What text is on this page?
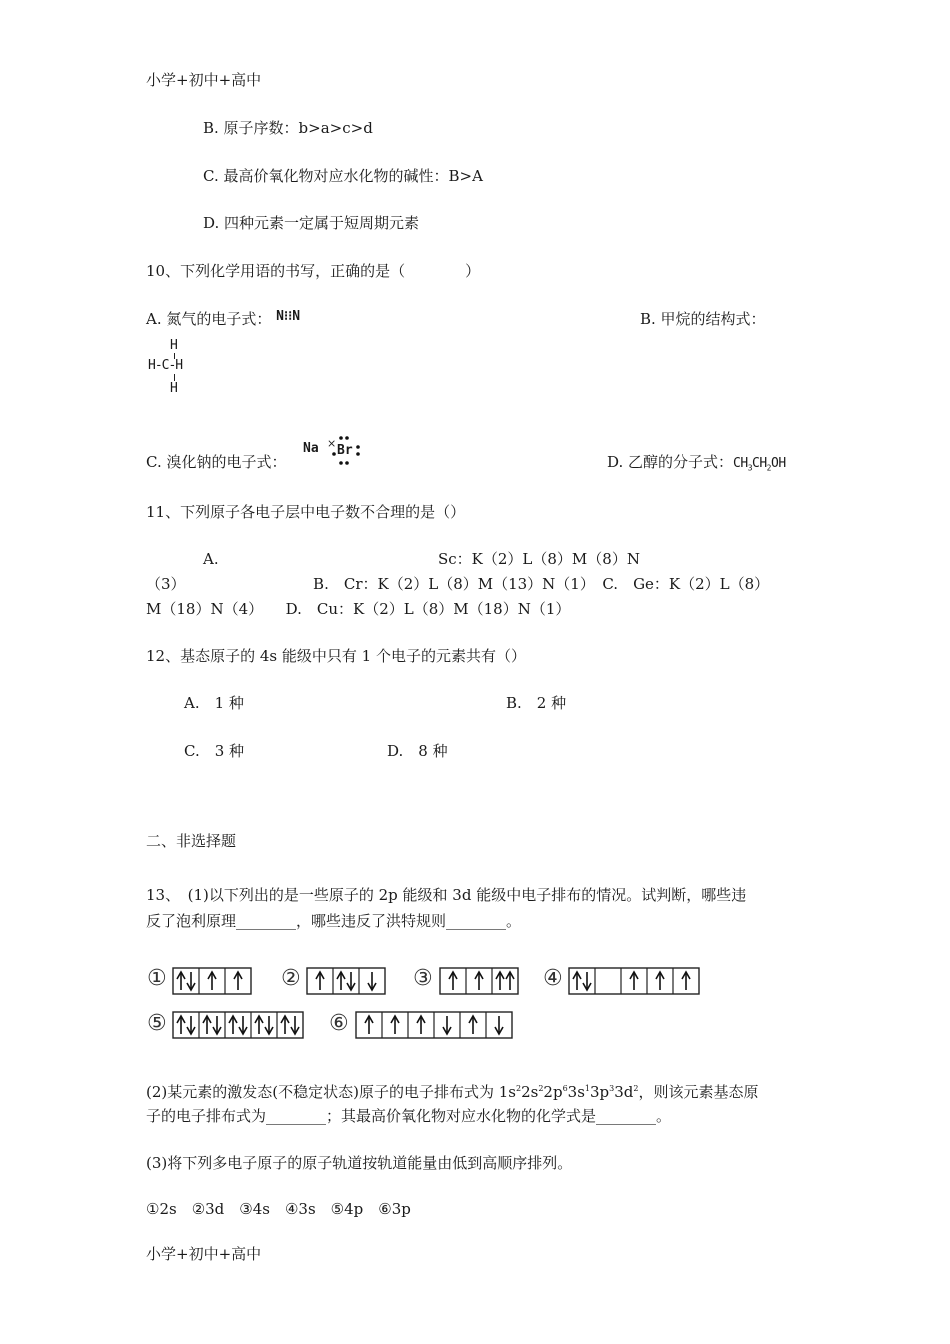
小学+初中+高中
B. 原子序数：b>a>c>d
C. 最高价氧化物对应水化物的碱性：B>A
D. 四种元素一定属于短周期元素
10、下列化学用语的书写，正确的是（　　　　）
A. 氮气的电子式： N⁝⁝N	B. 甲烷的结构式：
H
H-C-H
H
C. 溴化钠的电子式：
Na × Br
D. 乙醇的分子式：$CH_3CH_2OH$
11、下列原子各电子层中电子数不合理的是（）
A.	Sc：K（2）L（8）M（8）N
（3）　　　　　　　　　B.　Cr：K（2）L（8）M（13）N（1）　C.　Ge：K（2）L（8）
M（18）N（4）　　D.　Cu：K（2）L（8）M（18）N（1）
12、基态原子的 4s 能级中只有 1 个电子的元素共有（）
A.　1 种	B.　2 种
C.　3 种	D.　8 种
二、非选择题
13、　(1)以下列出的是一些原子的 2p 能级和 3d 能级中电子排布的情况。试判断，哪些违
反了泡利原理________，哪些违反了洪特规则________。
①	②	③	④
⑤	⑥
(2)某元素的激发态(不稳定状态)原子的电子排布式为 $1s^22s^22p^63s^13p^33d^2$，则该元素基态原
子的电子排布式为________；其最高价氧化物对应水化物的化学式是________。
(3)将下列多电子原子的原子轨道按轨道能量由低到高顺序排列。
①2s　②3d　③4s　④3s　⑤4p　⑥3p
小学+初中+高中
